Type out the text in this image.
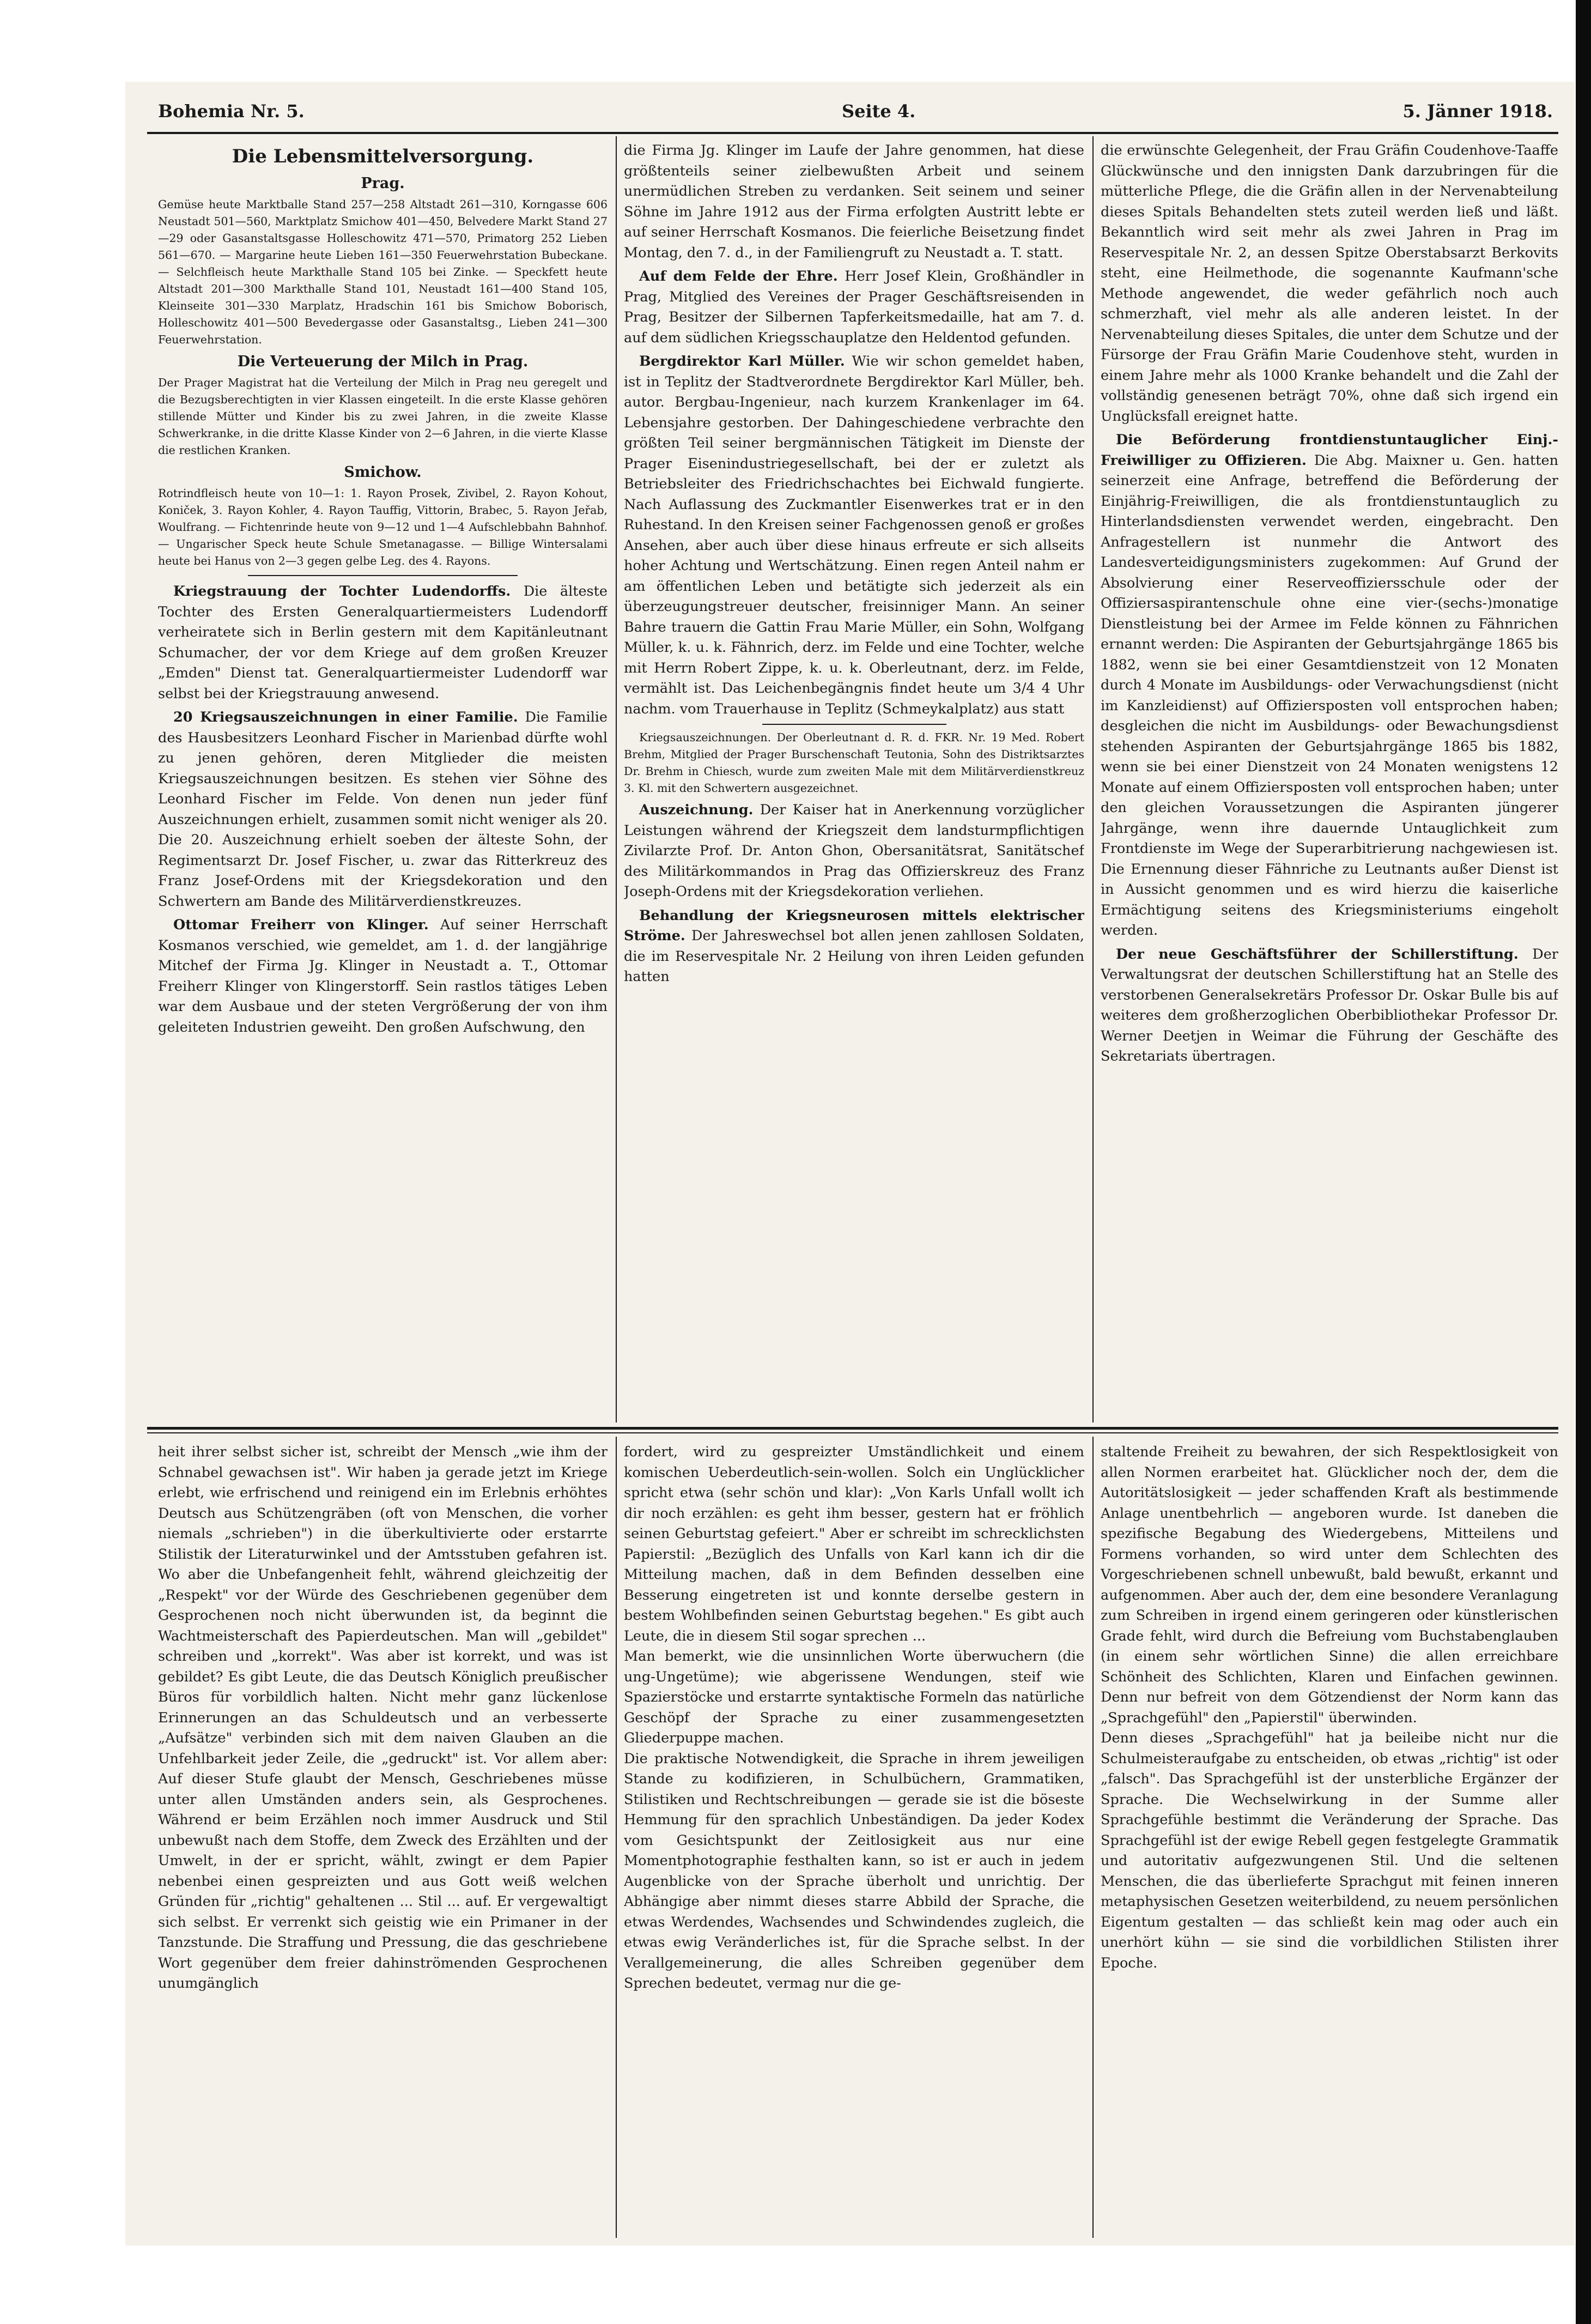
Bohemia Nr. 5.	Seite 4.	5. Jänner 1918.
Die Lebensmittelversorgung.
Prag.
Gemüse heute Marktballe Stand 257—258 Altstadt 261—310, Korngasse 606 Neustadt 501—560, Marktplatz Smichow 401—450, Belvedere Markt Stand 27—29 oder Gasanstaltsgasse Holleschowitz 471—570, Primatorg 252 Lieben 561—670. — Margarine heute Lieben 161—350 Feuerwehrstation Bubeckane. — Selchfleisch heute Markthalle Stand 105 bei Zinke. — Speckfett heute Altstadt 201—300 Markthalle Stand 101, Neustadt 161—400 Stand 105, Kleinseite 301—330 Marplatz, Hradschin 161 bis Smichow Boborisch, Holleschowitz 401—500 Bevedergasse oder Gasanstaltsg., Lieben 241—300 Feuerwehrstation.
Die Verteuerung der Milch in Prag.
Der Prager Magistrat hat die Verteilung der Milch in Prag neu geregelt und die Bezugsberechtigten in vier Klassen eingeteilt. In die erste Klasse gehören stillende Mütter und Kinder bis zu zwei Jahren, in die zweite Klasse Schwerkranke, in die dritte Klasse Kinder von 2—6 Jahren, in die vierte Klasse die restlichen Kranken.
Smichow.
Rotrindfleisch heute von 10—1: 1. Rayon Prosek, Zivibel, 2. Rayon Kohout, Koniček, 3. Rayon Kohler, 4. Rayon Tauffig, Vittorin, Brabec, 5. Rayon Jeřab, Woulfrang. — Fichtenrinde heute von 9—12 und 1—4 Aufschlebbahn Bahnhof. — Ungarischer Speck heute Schule Smetanagasse. — Billige Wintersalami heute bei Hanus von 2—3 gegen gelbe Leg. des 4. Rayons.

Kriegstrauung der Tochter Ludendorffs. Die älteste Tochter des Ersten Generalquartiermeisters Ludendorff verheiratete sich in Berlin gestern mit dem Kapitänleutnant Schumacher, der vor dem Kriege auf dem großen Kreuzer „Emden" Dienst tat. Generalquartiermeister Ludendorff war selbst bei der Kriegstrauung anwesend.

20 Kriegsauszeichnungen in einer Familie. Die Familie des Hausbesitzers Leonhard Fischer in Marienbad dürfte wohl zu jenen gehören, deren Mitglieder die meisten Kriegsauszeichnungen besitzen. Es stehen vier Söhne des Leonhard Fischer im Felde. Von denen nun jeder fünf Auszeichnungen erhielt, zusammen somit nicht weniger als 20. Die 20. Auszeichnung erhielt soeben der älteste Sohn, der Regimentsarzt Dr. Josef Fischer, u. zwar das Ritterkreuz des Franz Josef-Ordens mit der Kriegsdekoration und den Schwertern am Bande des Militärverdienstkreuzes.

Ottomar Freiherr von Klinger. Auf seiner Herrschaft Kosmanos verschied, wie gemeldet, am 1. d. der langjährige Mitchef der Firma Jg. Klinger in Neustadt a. T., Ottomar Freiherr Klinger von Klingerstorff. Sein rastlos tätiges Leben war dem Ausbaue und der steten Vergrößerung der von ihm geleiteten Industrien geweiht. Den großen Aufschwung, den

die Firma Jg. Klinger im Laufe der Jahre genommen, hat diese größtenteils seiner zielbewußten Arbeit und seinem unermüdlichen Streben zu verdanken. Seit seinem und seiner Söhne im Jahre 1912 aus der Firma erfolgten Austritt lebte er auf seiner Herrschaft Kosmanos. Die feierliche Beisetzung findet Montag, den 7. d., in der Familiengruft zu Neustadt a. T. statt.

Auf dem Felde der Ehre. Herr Josef Klein, Großhändler in Prag, Mitglied des Vereines der Prager Geschäftsreisenden in Prag, Besitzer der Silbernen Tapferkeitsmedaille, hat am 7. d. auf dem südlichen Kriegsschauplatze den Heldentod gefunden.

Bergdirektor Karl Müller. Wie wir schon gemeldet haben, ist in Teplitz der Stadtverordnete Bergdirektor Karl Müller, beh. autor. Bergbau-Ingenieur, nach kurzem Krankenlager im 64. Lebensjahre gestorben. Der Dahingeschiedene verbrachte den größten Teil seiner bergmännischen Tätigkeit im Dienste der Prager Eisenindustriegesellschaft, bei der er zuletzt als Betriebsleiter des Friedrichschachtes bei Eichwald fungierte. Nach Auflassung des Zuckmantler Eisenwerkes trat er in den Ruhestand. In den Kreisen seiner Fachgenossen genoß er großes Ansehen, aber auch über diese hinaus erfreute er sich allseits hoher Achtung und Wertschätzung. Einen regen Anteil nahm er am öffentlichen Leben und betätigte sich jederzeit als ein überzeugungstreuer deutscher, freisinniger Mann. An seiner Bahre trauern die Gattin Frau Marie Müller, ein Sohn, Wolfgang Müller, k. u. k. Fähnrich, derz. im Felde und eine Tochter, welche mit Herrn Robert Zippe, k. u. k. Oberleutnant, derz. im Felde, vermählt ist. Das Leichenbegängnis findet heute um 3/4 4 Uhr nachm. vom Trauerhause in Teplitz (Schmeykalplatz) aus statt

Kriegsauszeichnungen. Der Oberleutnant d. R. d. FKR. Nr. 19 Med. Robert Brehm, Mitglied der Prager Burschenschaft Teutonia, Sohn des Distriktsarztes Dr. Brehm in Chiesch, wurde zum zweiten Male mit dem Militärverdienstkreuz 3. Kl. mit den Schwertern ausgezeichnet.

Auszeichnung. Der Kaiser hat in Anerkennung vorzüglicher Leistungen während der Kriegszeit dem landsturmpflichtigen Zivilarzte Prof. Dr. Anton Ghon, Obersanitätsrat, Sanitätschef des Militärkommandos in Prag das Offizierskreuz des Franz Joseph-Ordens mit der Kriegsdekoration verliehen.

Behandlung der Kriegsneurosen mittels elektrischer Ströme. Der Jahreswechsel bot allen jenen zahllosen Soldaten, die im Reservespitale Nr. 2 Heilung von ihren Leiden gefunden hatten

die erwünschte Gelegenheit, der Frau Gräfin Coudenhove-Taaffe Glückwünsche und den innigsten Dank darzubringen für die mütterliche Pflege, die die Gräfin allen in der Nervenabteilung dieses Spitals Behandelten stets zuteil werden ließ und läßt. Bekanntlich wird seit mehr als zwei Jahren in Prag im Reservespitale Nr. 2, an dessen Spitze Oberstabsarzt Berkovits steht, eine Heilmethode, die sogenannte Kaufmann'sche Methode angewendet, die weder gefährlich noch auch schmerzhaft, viel mehr als alle anderen leistet. In der Nervenabteilung dieses Spitales, die unter dem Schutze und der Fürsorge der Frau Gräfin Marie Coudenhove steht, wurden in einem Jahre mehr als 1000 Kranke behandelt und die Zahl der vollständig genesenen beträgt 70%, ohne daß sich irgend ein Unglücksfall ereignet hatte.

Die Beförderung frontdienstuntauglicher Einj.-Freiwilliger zu Offizieren. Die Abg. Maixner u. Gen. hatten seinerzeit eine Anfrage, betreffend die Beförderung der Einjährig-Freiwilligen, die als frontdienstuntauglich zu Hinterlandsdiensten verwendet werden, eingebracht. Den Anfragestellern ist nunmehr die Antwort des Landesverteidigungsministers zugekommen: Auf Grund der Absolvierung einer Reserveoffiziersschule oder der Offiziersaspirantenschule ohne eine vier-(sechs-)monatige Dienstleistung bei der Armee im Felde können zu Fähnrichen ernannt werden: Die Aspiranten der Geburtsjahrgänge 1865 bis 1882, wenn sie bei einer Gesamtdienstzeit von 12 Monaten durch 4 Monate im Ausbildungs- oder Verwachungsdienst (nicht im Kanzleidienst) auf Offiziersposten voll entsprochen haben; desgleichen die nicht im Ausbildungs- oder Bewachungsdienst stehenden Aspiranten der Geburtsjahrgänge 1865 bis 1882, wenn sie bei einer Dienstzeit von 24 Monaten wenigstens 12 Monate auf einem Offiziersposten voll entsprochen haben; unter den gleichen Voraussetzungen die Aspiranten jüngerer Jahrgänge, wenn ihre dauernde Untauglichkeit zum Frontdienste im Wege der Superarbitrierung nachgewiesen ist. Die Ernennung dieser Fähnriche zu Leutnants außer Dienst ist in Aussicht genommen und es wird hierzu die kaiserliche Ermächtigung seitens des Kriegsministeriums eingeholt werden.

Der neue Geschäftsführer der Schillerstiftung. Der Verwaltungsrat der deutschen Schillerstiftung hat an Stelle des verstorbenen Generalsekretärs Professor Dr. Oskar Bulle bis auf weiteres dem großherzoglichen Oberbibliothekar Professor Dr. Werner Deetjen in Weimar die Führung der Geschäfte des Sekretariats übertragen.

heit ihrer selbst sicher ist, schreibt der Mensch „wie ihm der Schnabel gewachsen ist". Wir haben ja gerade jetzt im Kriege erlebt, wie erfrischend und reinigend ein im Erlebnis erhöhtes Deutsch aus Schützengräben (oft von Menschen, die vorher niemals „schrieben") in die überkultivierte oder erstarrte Stilistik der Literaturwinkel und der Amtsstuben gefahren ist. Wo aber die Unbefangenheit fehlt, während gleichzeitig der „Respekt" vor der Würde des Geschriebenen gegenüber dem Gesprochenen noch nicht überwunden ist, da beginnt die Wachtmeisterschaft des Papierdeutschen. Man will „gebildet" schreiben und „korrekt". Was aber ist korrekt, und was ist gebildet? Es gibt Leute, die das Deutsch Königlich preußischer Büros für vorbildlich halten. Nicht mehr ganz lückenlose Erinnerungen an das Schuldeutsch und an verbesserte „Aufsätze" verbinden sich mit dem naiven Glauben an die Unfehlbarkeit jeder Zeile, die „gedruckt" ist. Vor allem aber: Auf dieser Stufe glaubt der Mensch, Geschriebenes müsse unter allen Umständen anders sein, als Gesprochenes. Während er beim Erzählen noch immer Ausdruck und Stil unbewußt nach dem Stoffe, dem Zweck des Erzählten und der Umwelt, in der er spricht, wählt, zwingt er dem Papier nebenbei einen gespreizten und aus Gott weiß welchen Gründen für „richtig" gehaltenen ... Stil ... auf. Er vergewaltigt sich selbst. Er verrenkt sich geistig wie ein Primaner in der Tanzstunde. Die Straffung und Pressung, die das geschriebene Wort gegenüber dem freier dahinströmenden Gesprochenen unumgänglich
fordert, wird zu gespreizter Umständlichkeit und einem komischen Ueberdeutlich-sein-wollen. Solch ein Unglücklicher spricht etwa (sehr schön und klar): „Von Karls Unfall wollt ich dir noch erzählen: es geht ihm besser, gestern hat er fröhlich seinen Geburtstag gefeiert." Aber er schreibt im schrecklichsten Papierstil: „Bezüglich des Unfalls von Karl kann ich dir die Mitteilung machen, daß in dem Befinden desselben eine Besserung eingetreten ist und konnte derselbe gestern in bestem Wohlbefinden seinen Geburtstag begehen." Es gibt auch Leute, die in diesem Stil sogar sprechen ...
Man bemerkt, wie die unsinnlichen Worte überwuchern (die ung-Ungetüme); wie abgerissene Wendungen, steif wie Spazierstöcke und erstarrte syntaktische Formeln das natürliche Geschöpf der Sprache zu einer zusammengesetzten Gliederpuppe machen.
Die praktische Notwendigkeit, die Sprache in ihrem jeweiligen Stande zu kodifizieren, in Schulbüchern, Grammatiken, Stilistiken und Rechtschreibungen — gerade sie ist die böseste Hemmung für den sprachlich Unbeständigen. Da jeder Kodex vom Gesichtspunkt der Zeitlosigkeit aus nur eine Momentphotographie festhalten kann, so ist er auch in jedem Augenblicke von der Sprache überholt und unrichtig. Der Abhängige aber nimmt dieses starre Abbild der Sprache, die etwas Werdendes, Wachsendes und Schwindendes zugleich, die etwas ewig Veränderliches ist, für die Sprache selbst. In der Verallgemeinerung, die alles Schreiben gegenüber dem Sprechen bedeutet, vermag nur die ge-
staltende Freiheit zu bewahren, der sich Respektlosigkeit von allen Normen erarbeitet hat. Glücklicher noch der, dem die Autoritätslosigkeit — jeder schaffenden Kraft als bestimmende Anlage unentbehrlich — angeboren wurde. Ist daneben die spezifische Begabung des Wiedergebens, Mitteilens und Formens vorhanden, so wird unter dem Schlechten des Vorgeschriebenen schnell unbewußt, bald bewußt, erkannt und aufgenommen. Aber auch der, dem eine besondere Veranlagung zum Schreiben in irgend einem geringeren oder künstlerischen Grade fehlt, wird durch die Befreiung vom Buchstabenglauben (in einem sehr wörtlichen Sinne) die allen erreichbare Schönheit des Schlichten, Klaren und Einfachen gewinnen. Denn nur befreit von dem Götzendienst der Norm kann das „Sprachgefühl" den „Papierstil" überwinden.
Denn dieses „Sprachgefühl" hat ja beileibe nicht nur die Schulmeisteraufgabe zu entscheiden, ob etwas „richtig" ist oder „falsch". Das Sprachgefühl ist der unsterbliche Ergänzer der Sprache. Die Wechselwirkung in der Summe aller Sprachgefühle bestimmt die Veränderung der Sprache. Das Sprachgefühl ist der ewige Rebell gegen festgelegte Grammatik und autoritativ aufgezwungenen Stil. Und die seltenen Menschen, die das überlieferte Sprachgut mit feinen inneren metaphysischen Gesetzen weiterbildend, zu neuem persönlichen Eigentum gestalten — das schließt kein mag oder auch ein unerhört kühn — sie sind die vorbildlichen Stilisten ihrer Epoche.
